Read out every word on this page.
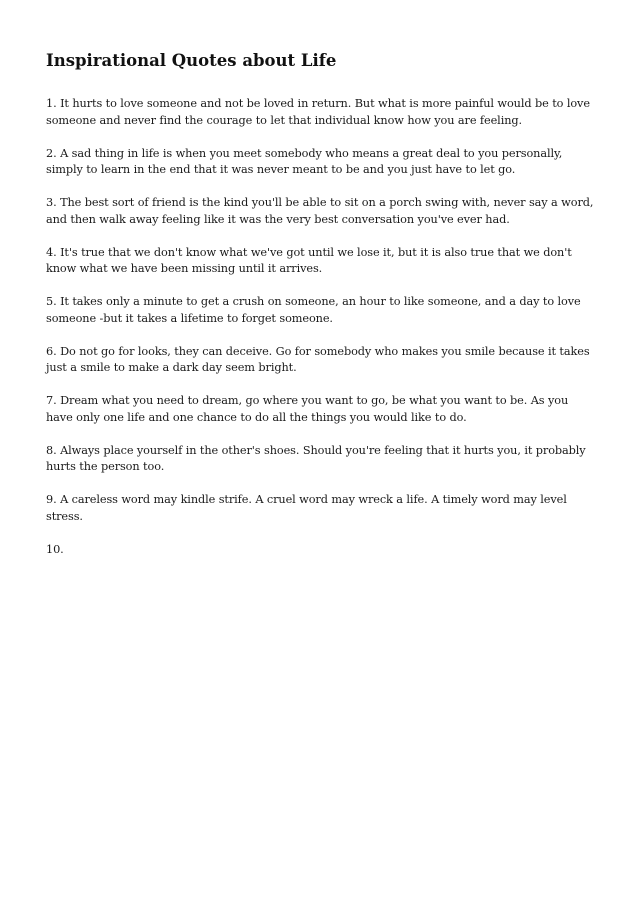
Inspirational Quotes about Life

1. It hurts to love someone and not be loved in return. But what is more painful would be to love someone and never find the courage to let that individual know how you are feeling.

2. A sad thing in life is when you meet somebody who means a great deal to you personally, simply to learn in the end that it was never meant to be and you just have to let go.

3. The best sort of friend is the kind you'll be able to sit on a porch swing with, never say a word, and then walk away feeling like it was the very best conversation you've ever had.

4. It's true that we don't know what we've got until we lose it, but it is also true that we don't know what we have been missing until it arrives.

5. It takes only a minute to get a crush on someone, an hour to like someone, and a day to love someone -but it takes a lifetime to forget someone.

6. Do not go for looks, they can deceive. Go for somebody who makes you smile because it takes just a smile to make a dark day seem bright.

7. Dream what you need to dream, go where you want to go, be what you want to be. As you have only one life and one chance to do all the things you would like to do.

8. Always place yourself in the other's shoes. Should you're feeling that it hurts you, it probably hurts the person too.

9. A careless word may kindle strife. A cruel word may wreck a life. A timely word may level stress.

10.
